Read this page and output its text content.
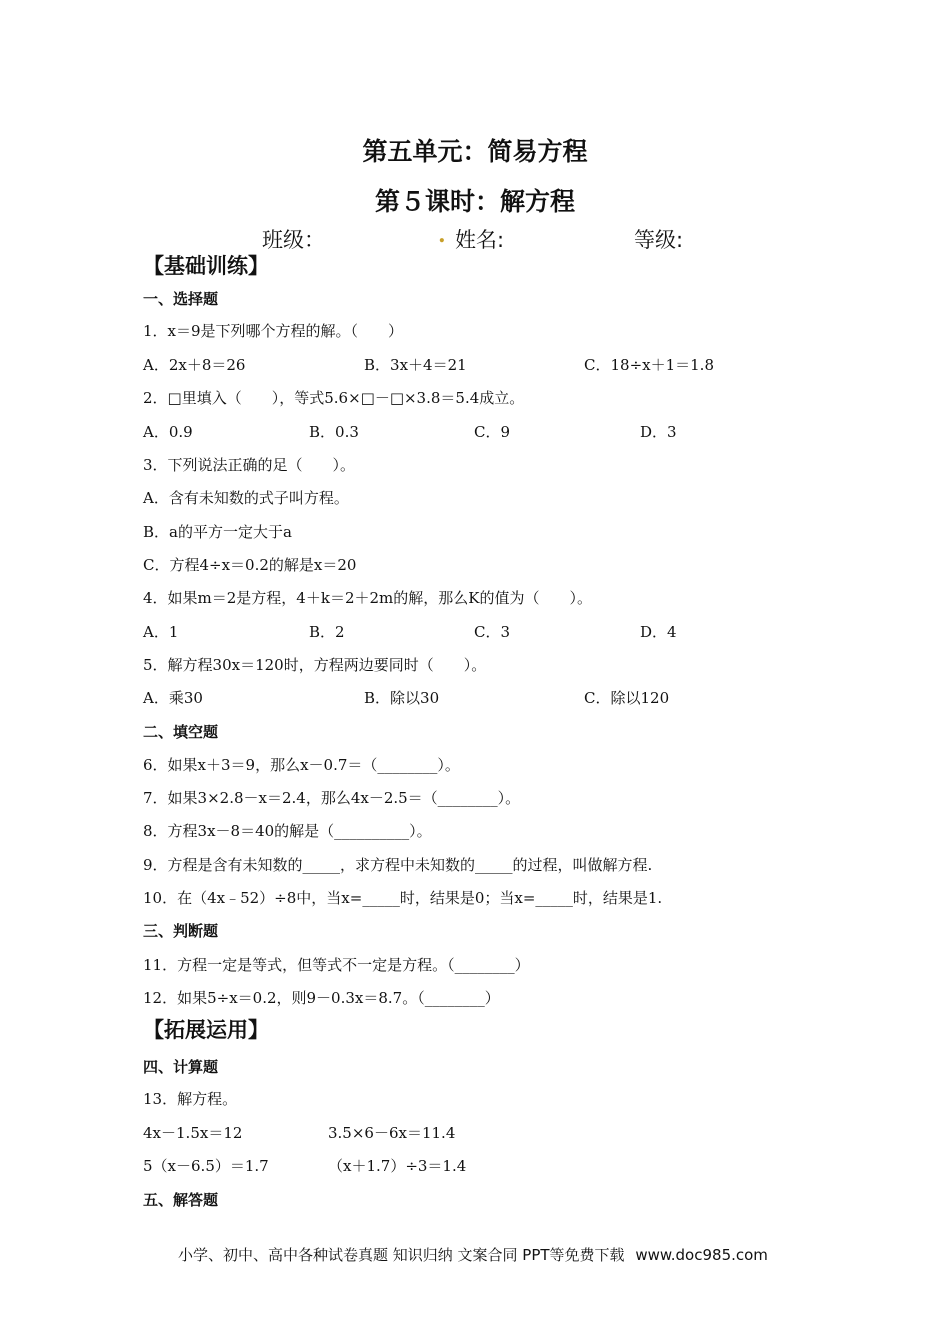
第五单元：简易方程
第５课时：解方程
班级：	. 姓名:	等级:
【基础训练】
一、选择题
1．x＝9是下列哪个方程的解。（　　）
A．2x＋8＝26	B．3x＋4＝21	C．18÷x＋1＝1.8
2．□里填入（　　），等式5.6×□－□×3.8＝5.4成立。
A．0.9	B．0.3	C．9	D．3
3．下列说法正确的足（　　）。
A．含有未知数的式子叫方程。
B．a的平方一定大于a
C．方程4÷x＝0.2的解是x＝20
4．如果m＝2是方程，4＋k＝2＋2m的解，那么K的值为（　　）。
A．1	B．2	C．3	D．4
5．解方程30x＝120时，方程两边要同时（　　）。
A．乘30	B．除以30	C．除以120
二、填空题
6．如果x＋3＝9，那么x－0.7＝（________）。
7．如果3×2.8－x＝2.4，那么4x－2.5＝（________）。
8．方程3x－8＝40的解是（__________）。
9．方程是含有未知数的_____，求方程中未知数的_____的过程，叫做解方程.
10．在（4x﹣52）÷8中，当x=_____时，结果是0；当x=_____时，结果是1.
三、判断题
11．方程一定是等式，但等式不一定是方程。（________）
12．如果5÷x＝0.2，则9－0.3x＝8.7。（________）
【拓展运用】
四、计算题
13．解方程。
4x－1.5x＝12	3.5×6－6x＝11.4
5（x－6.5）＝1.7	（x＋1.7）÷3＝1.4
五、解答题
小学、初中、高中各种试卷真题 知识归纳 文案合同 PPT等免费下载 www.doc985.com
